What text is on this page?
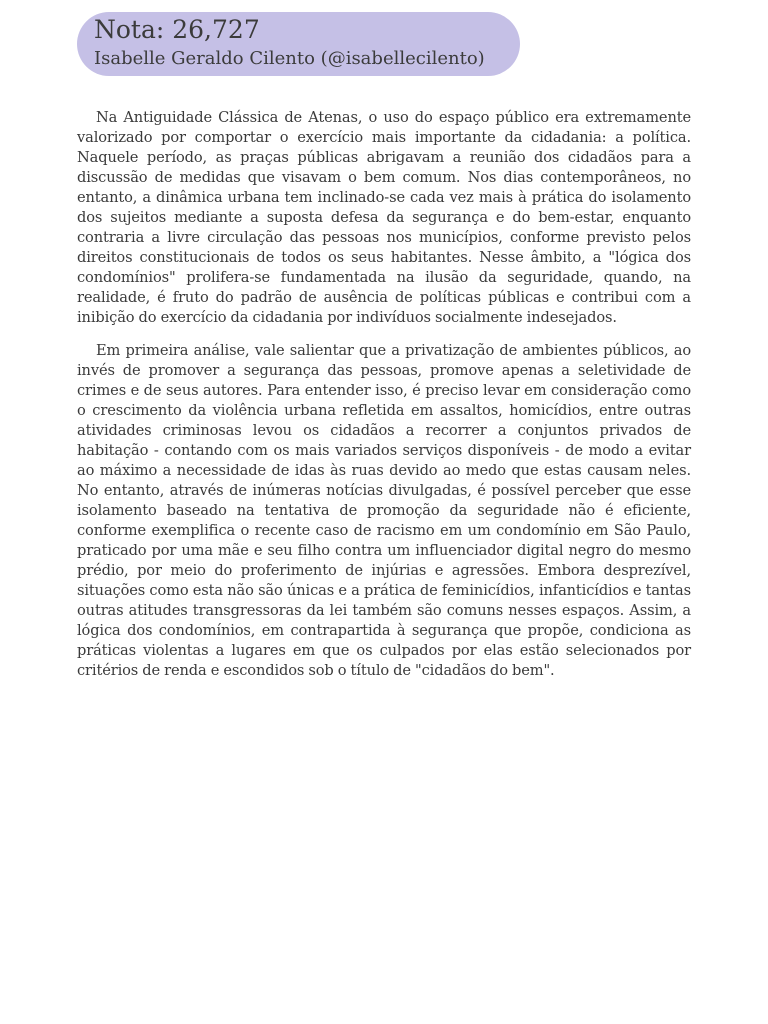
Nota: 26,727
Isabelle Geraldo Cilento (@isabellecilento)

Na Antiguidade Clássica de Atenas, o uso do espaço público era extremamente valorizado por comportar o exercício mais importante da cidadania: a política. Naquele período, as praças públicas abrigavam a reunião dos cidadãos para a discussão de medidas que visavam o bem comum. Nos dias contemporâneos, no entanto, a dinâmica urbana tem inclinado-se cada vez mais à prática do isolamento dos sujeitos mediante a suposta defesa da segurança e do bem-estar, enquanto contraria a livre circulação das pessoas nos municípios, conforme previsto pelos direitos constitucionais de todos os seus habitantes. Nesse âmbito, a "lógica dos condomínios" prolifera-se fundamentada na ilusão da seguridade, quando, na realidade, é fruto do padrão de ausência de políticas públicas e contribui com a inibição do exercício da cidadania por indivíduos socialmente indesejados.

Em primeira análise, vale salientar que a privatização de ambientes públicos, ao invés de promover a segurança das pessoas, promove apenas a seletividade de crimes e de seus autores. Para entender isso, é preciso levar em consideração como o crescimento da violência urbana refletida em assaltos, homicídios, entre outras atividades criminosas levou os cidadãos a recorrer a conjuntos privados de habitação - contando com os mais variados serviços disponíveis - de modo a evitar ao máximo a necessidade de idas às ruas devido ao medo que estas causam neles. No entanto, através de inúmeras notícias divulgadas, é possível perceber que esse isolamento baseado na tentativa de promoção da seguridade não é eficiente, conforme exemplifica o recente caso de racismo em um condomínio em São Paulo, praticado por uma mãe e seu filho contra um influenciador digital negro do mesmo prédio, por meio do proferimento de injúrias e agressões. Embora desprezível, situações como esta não são únicas e a prática de feminicídios, infanticídios e tantas outras atitudes transgressoras da lei também são comuns nesses espaços. Assim, a lógica dos condomínios, em contrapartida à segurança que propõe, condiciona as práticas violentas a lugares em que os culpados por elas estão selecionados por critérios de renda e escondidos sob o título de "cidadãos do bem".
